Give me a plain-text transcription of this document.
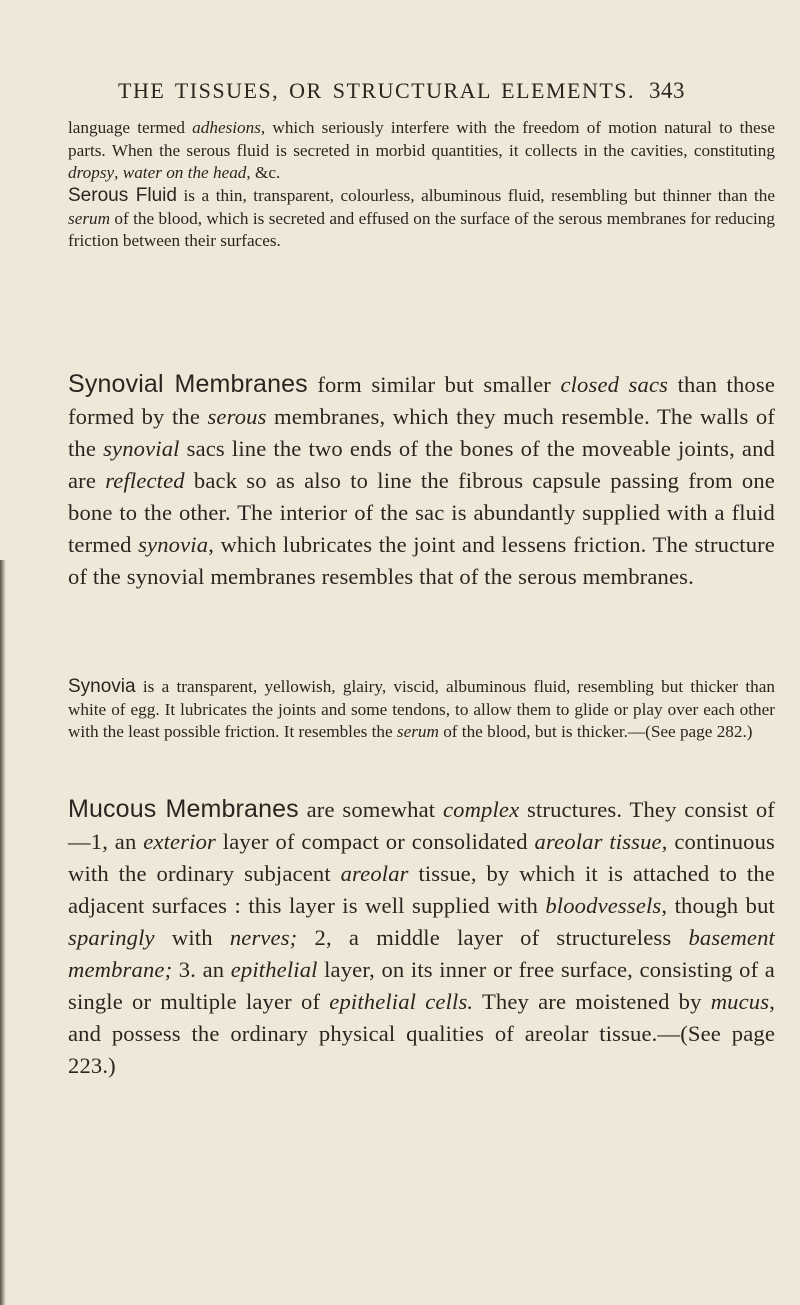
THE TISSUES, OR STRUCTURAL ELEMENTS. 343

language termed adhesions, which seriously interfere with the freedom of motion natural to these parts. When the serous fluid is secreted in morbid quantities, it collects in the cavities, constituting dropsy, water on the head, &c.

Serous Fluid is a thin, transparent, colourless, albuminous fluid, resembling but thinner than the serum of the blood, which is secreted and effused on the surface of the serous membranes for reducing friction between their surfaces.

Synovial Membranes form similar but smaller closed sacs than those formed by the serous membranes, which they much resemble. The walls of the synovial sacs line the two ends of the bones of the moveable joints, and are reflected back so as also to line the fibrous capsule passing from one bone to the other. The interior of the sac is abundantly supplied with a fluid termed synovia, which lubricates the joint and lessens friction. The structure of the synovial membranes resembles that of the serous membranes.

Synovia is a transparent, yellowish, glairy, viscid, albuminous fluid, resembling but thicker than white of egg. It lubricates the joints and some tendons, to allow them to glide or play over each other with the least possible friction. It resembles the serum of the blood, but is thicker.—(See page 282.)

Mucous Membranes are somewhat complex structures. They consist of—1, an exterior layer of compact or consolidated areolar tissue, continuous with the ordinary subjacent areolar tissue, by which it is attached to the adjacent surfaces : this layer is well supplied with bloodvessels, though but sparingly with nerves; 2, a middle layer of structureless basement membrane; 3. an epithelial layer, on its inner or free surface, consisting of a single or multiple layer of epithelial cells. They are moistened by mucus, and possess the ordinary physical qualities of areolar tissue.—(See page 223.)
